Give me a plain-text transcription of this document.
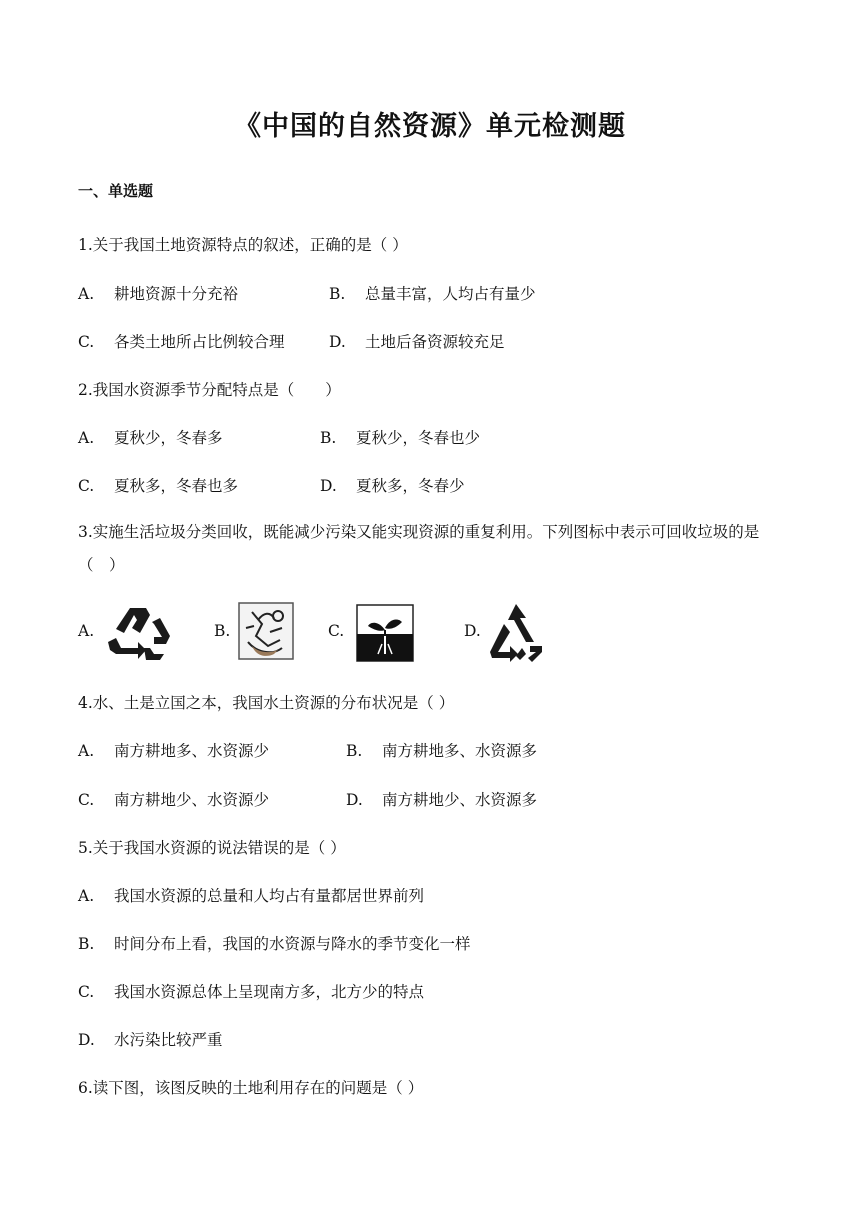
《中国的自然资源》单元检测题
一、单选题
1.关于我国土地资源特点的叙述，正确的是（ ）
A. 耕地资源十分充裕	B. 总量丰富，人均占有量少
C. 各类土地所占比例较合理	D. 土地后备资源较充足
2.我国水资源季节分配特点是（　　）
A. 夏秋少，冬春多	B. 夏秋少，冬春也少
C. 夏秋多，冬春也多	D. 夏秋多，冬春少
3.实施生活垃圾分类回收，既能减少污染又能实现资源的重复利用。下列图标中表示可回收垃圾的是（　）
A.	B.	C.	D.
4.水、土是立国之本，我国水土资源的分布状况是（ ）
A. 南方耕地多、水资源少	B. 南方耕地多、水资源多
C. 南方耕地少、水资源少	D. 南方耕地少、水资源多
5.关于我国水资源的说法错误的是（ ）
A. 我国水资源的总量和人均占有量都居世界前列
B. 时间分布上看，我国的水资源与降水的季节变化一样
C. 我国水资源总体上呈现南方多，北方少的特点
D. 水污染比较严重
6.读下图，该图反映的土地利用存在的问题是（ ）
